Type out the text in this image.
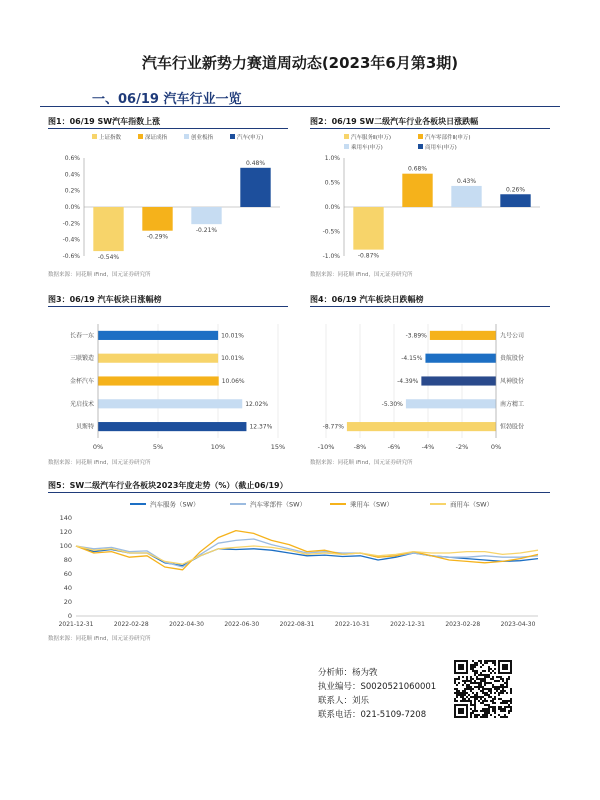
汽车行业新势力赛道周动态(2023年6月第3期)
一、06/19 汽车行业一览
图1：06/19 SW汽车指数上涨
上证指数	深证成指	创业板指	汽车(申万)
0.6%
0.4%
0.2%
0.0%
-0.2%
-0.4%
-0.6%	-0.54%
-0.29%
-0.21%
0.48%
数据来源：同花顺 iFind，国元证券研究所
图2：06/19 SW二级汽车行业各板块日涨跌幅
汽车服务Ⅱ(申万)	汽车零部件Ⅱ(申万)
乘用车(申万)	商用车(申万)
1.0%
0.5%
0.0%
-0.5%
-1.0%	-0.87%
0.68%
0.43%
0.26%
数据来源：同花顺 iFind，国元证券研究所
图3：06/19 汽车板块日涨幅榜
0%	5%	10%	15%
长春一东	10.01%
三联锻造	10.01%
金杯汽车	10.06%
光启技术	12.02%
贝斯特	12.37%
数据来源：同花顺 iFind，国元证券研究所
图4：06/19 汽车板块日跌幅榜
-10%	-8%	-6%	-4%	-2%	0%
九号公司
-3.89%
贵航股份
-4.15%
风神股份
-4.39%
南方精工
-5.30%
恒勃股份
-8.77%
数据来源：同花顺 iFind，国元证券研究所
图5：SW二级汽车行业各板块2023年度走势（%）（截止06/19）
汽车服务（SW）	汽车零部件（SW）	乘用车（SW）	商用车（SW）
140
120
100
80
60
40
20
0
2021-12-31	2022-02-28	2022-04-30	2022-06-30	2022-08-31	2022-10-31	2022-12-31	2023-02-28	2023-04-30
数据来源：同花顺 iFind，国元证券研究所
分析师：杨为敩
执业编号：S0020521060001
联系人：刘乐
联系电话：021-5109-7208
